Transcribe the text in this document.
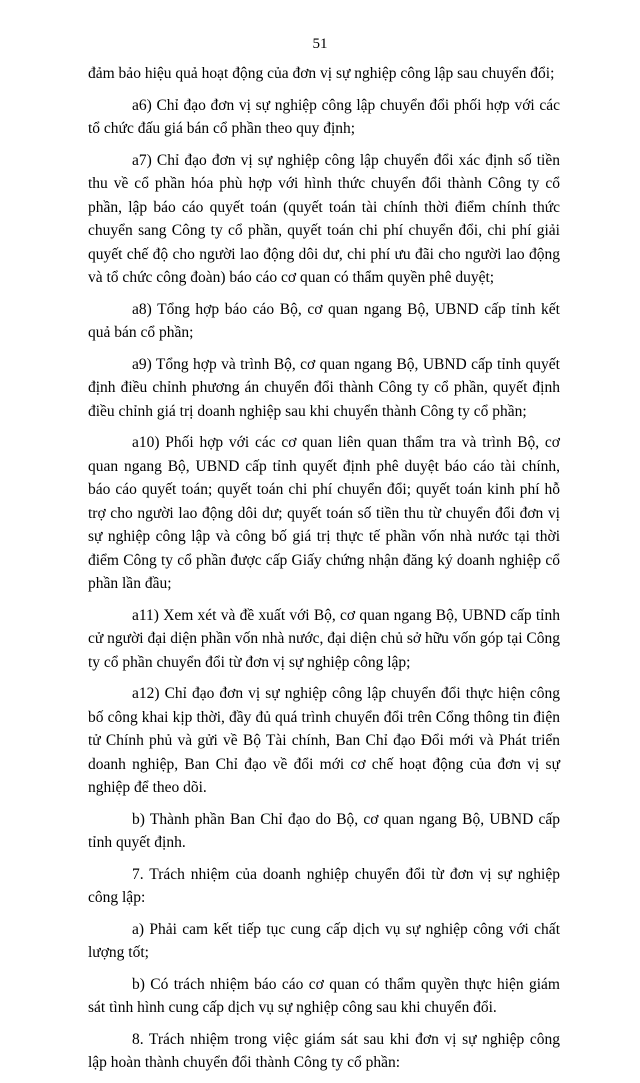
51

đảm bảo hiệu quả hoạt động của đơn vị sự nghiệp công lập sau chuyển đổi;

a6) Chỉ đạo đơn vị sự nghiệp công lập chuyển đổi phối hợp với các tổ chức đấu giá bán cổ phần theo quy định;

a7) Chỉ đạo đơn vị sự nghiệp công lập chuyển đổi xác định số tiền thu về cổ phần hóa phù hợp với hình thức chuyển đổi thành Công ty cổ phần, lập báo cáo quyết toán (quyết toán tài chính thời điểm chính thức chuyển sang Công ty cổ phần, quyết toán chi phí chuyển đổi, chi phí giải quyết chế độ cho người lao động dôi dư, chi phí ưu đãi cho người lao động và tổ chức công đoàn) báo cáo cơ quan có thẩm quyền phê duyệt;

a8) Tổng hợp báo cáo Bộ, cơ quan ngang Bộ, UBND cấp tỉnh kết quả bán cổ phần;

a9) Tổng hợp và trình Bộ, cơ quan ngang Bộ, UBND cấp tỉnh quyết định điều chỉnh phương án chuyển đổi thành Công ty cổ phần, quyết định điều chỉnh giá trị doanh nghiệp sau khi chuyển thành Công ty cổ phần;

a10) Phối hợp với các cơ quan liên quan thẩm tra và trình Bộ, cơ quan ngang Bộ, UBND cấp tỉnh quyết định phê duyệt báo cáo tài chính, báo cáo quyết toán; quyết toán chi phí chuyển đổi; quyết toán kinh phí hỗ trợ cho người lao động dôi dư; quyết toán số tiền thu từ chuyển đổi đơn vị sự nghiệp công lập và công bố giá trị thực tế phần vốn nhà nước tại thời điểm Công ty cổ phần được cấp Giấy chứng nhận đăng ký doanh nghiệp cổ phần lần đầu;

a11) Xem xét và đề xuất với Bộ, cơ quan ngang Bộ, UBND cấp tỉnh cử người đại diện phần vốn nhà nước, đại diện chủ sở hữu vốn góp tại Công ty cổ phần chuyển đổi từ đơn vị sự nghiệp công lập;

a12) Chỉ đạo đơn vị sự nghiệp công lập chuyển đổi thực hiện công bố công khai kịp thời, đầy đủ quá trình chuyển đổi trên Cổng thông tin điện tử Chính phủ và gửi về Bộ Tài chính, Ban Chỉ đạo Đổi mới và Phát triển doanh nghiệp, Ban Chỉ đạo về đổi mới cơ chế hoạt động của đơn vị sự nghiệp để theo dõi.

b) Thành phần Ban Chỉ đạo do Bộ, cơ quan ngang Bộ, UBND cấp tỉnh quyết định.

7. Trách nhiệm của doanh nghiệp chuyển đổi từ đơn vị sự nghiệp công lập:

a) Phải cam kết tiếp tục cung cấp dịch vụ sự nghiệp công với chất lượng tốt;

b) Có trách nhiệm báo cáo cơ quan có thẩm quyền thực hiện giám sát tình hình cung cấp dịch vụ sự nghiệp công sau khi chuyển đổi.

8. Trách nhiệm trong việc giám sát sau khi đơn vị sự nghiệp công lập hoàn thành chuyển đổi thành Công ty cổ phần:
